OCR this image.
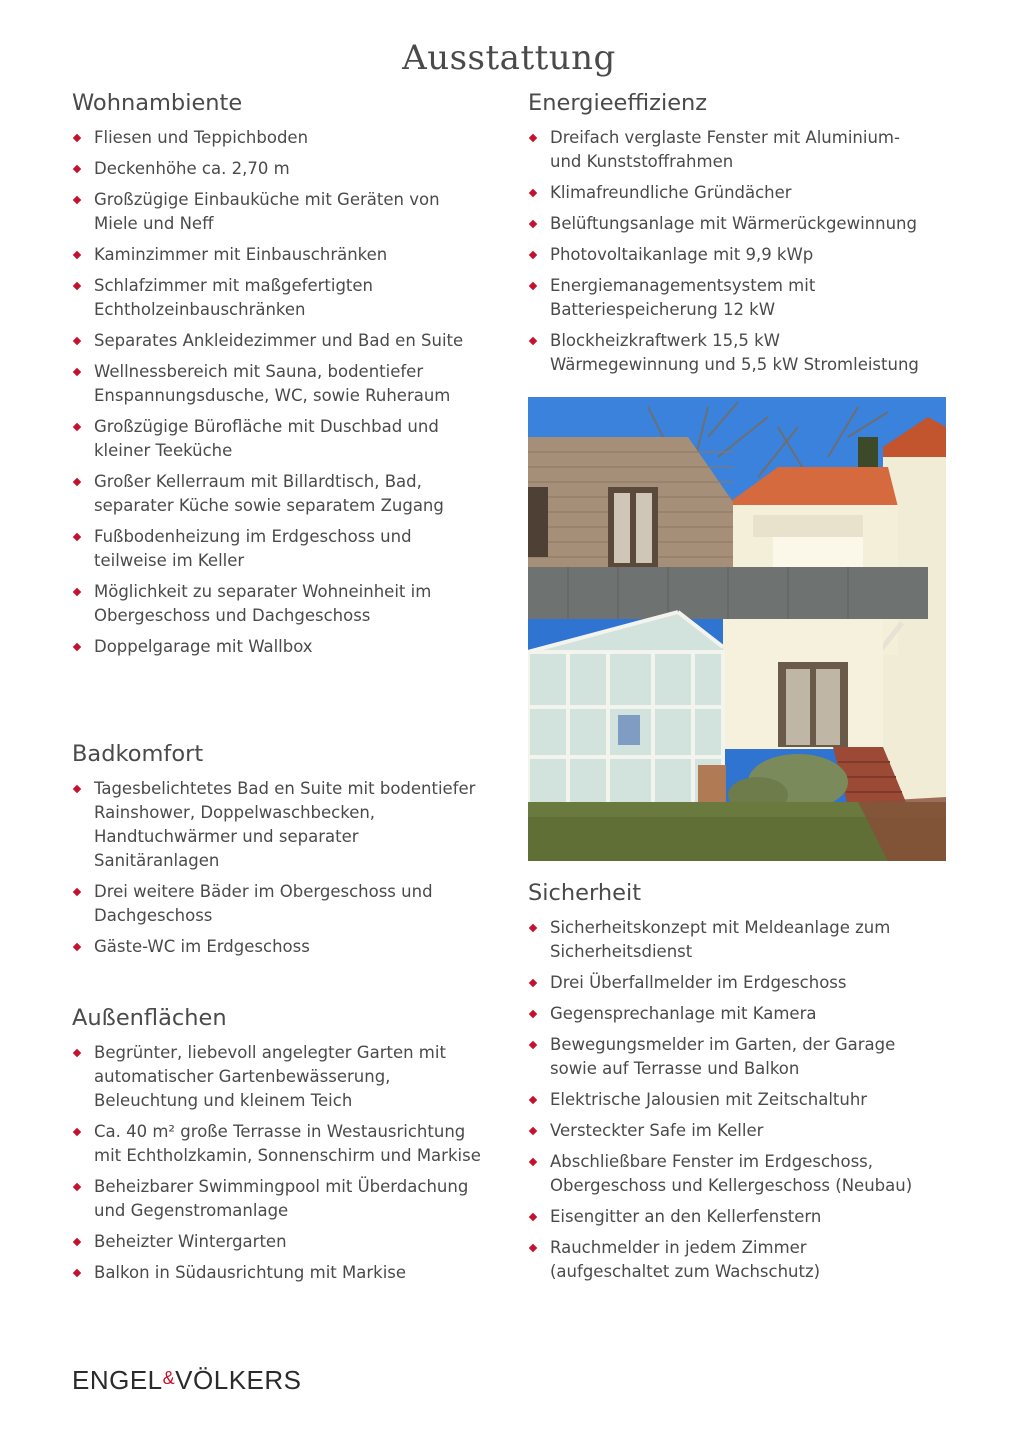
Ausstattung
Wohnambiente
Fliesen und Teppichboden
Deckenhöhe ca. 2,70 m
Großzügige Einbauküche mit Geräten von Miele und Neff
Kaminzimmer mit Einbauschränken
Schlafzimmer mit maßgefertigten Echtholzeinbauschränken
Separates Ankleidezimmer und Bad en Suite
Wellnessbereich mit Sauna, bodentiefer Enspannungsdusche, WC, sowie Ruheraum
Großzügige Bürofläche mit Duschbad und kleiner Teeküche
Großer Kellerraum mit Billardtisch, Bad, separater Küche sowie separatem Zugang
Fußbodenheizung im Erdgeschoss und teilweise im Keller
Möglichkeit zu separater Wohneinheit im Obergeschoss und Dachgeschoss
Doppelgarage mit Wallbox
Energieeffizienz
Dreifach verglaste Fenster mit Aluminium- und Kunststoffrahmen
Klimafreundliche Gründächer
Belüftungsanlage mit Wärmerückgewinnung
Photovoltaikanlage mit 9,9 kWp
Energiemanagementsystem mit Batteriespeicherung 12 kW
Blockheizkraftwerk 15,5 kW Wärmegewinnung und 5,5 kW Stromleistung
Badkomfort
Tagesbelichtetes Bad en Suite mit bodentiefer Rainshower, Doppelwaschbecken, Handtuchwärmer und separater Sanitäranlagen
Drei weitere Bäder im Obergeschoss und Dachgeschoss
Gäste-WC im Erdgeschoss
Außenflächen
Begrünter, liebevoll angelegter Garten mit automatischer Gartenbewässerung, Beleuchtung und kleinem Teich
Ca. 40 m² große Terrasse in Westausrichtung mit Echtholzkamin, Sonnenschirm und Markise
Beheizbarer Swimmingpool mit Überdachung und Gegenstromanlage
Beheizter Wintergarten
Balkon in Südausrichtung mit Markise
Sicherheit
Sicherheitskonzept mit Meldeanlage zum Sicherheitsdienst
Drei Überfallmelder im Erdgeschoss
Gegensprechanlage mit Kamera
Bewegungsmelder im Garten, der Garage sowie auf Terrasse und Balkon
Elektrische Jalousien mit Zeitschaltuhr
Versteckter Safe im Keller
Abschließbare Fenster im Erdgeschoss, Obergeschoss und Kellergeschoss (Neubau)
Eisengitter an den Kellerfenstern
Rauchmelder in jedem Zimmer (aufgeschaltet zum Wachschutz)
ENGEL&VÖLKERS
